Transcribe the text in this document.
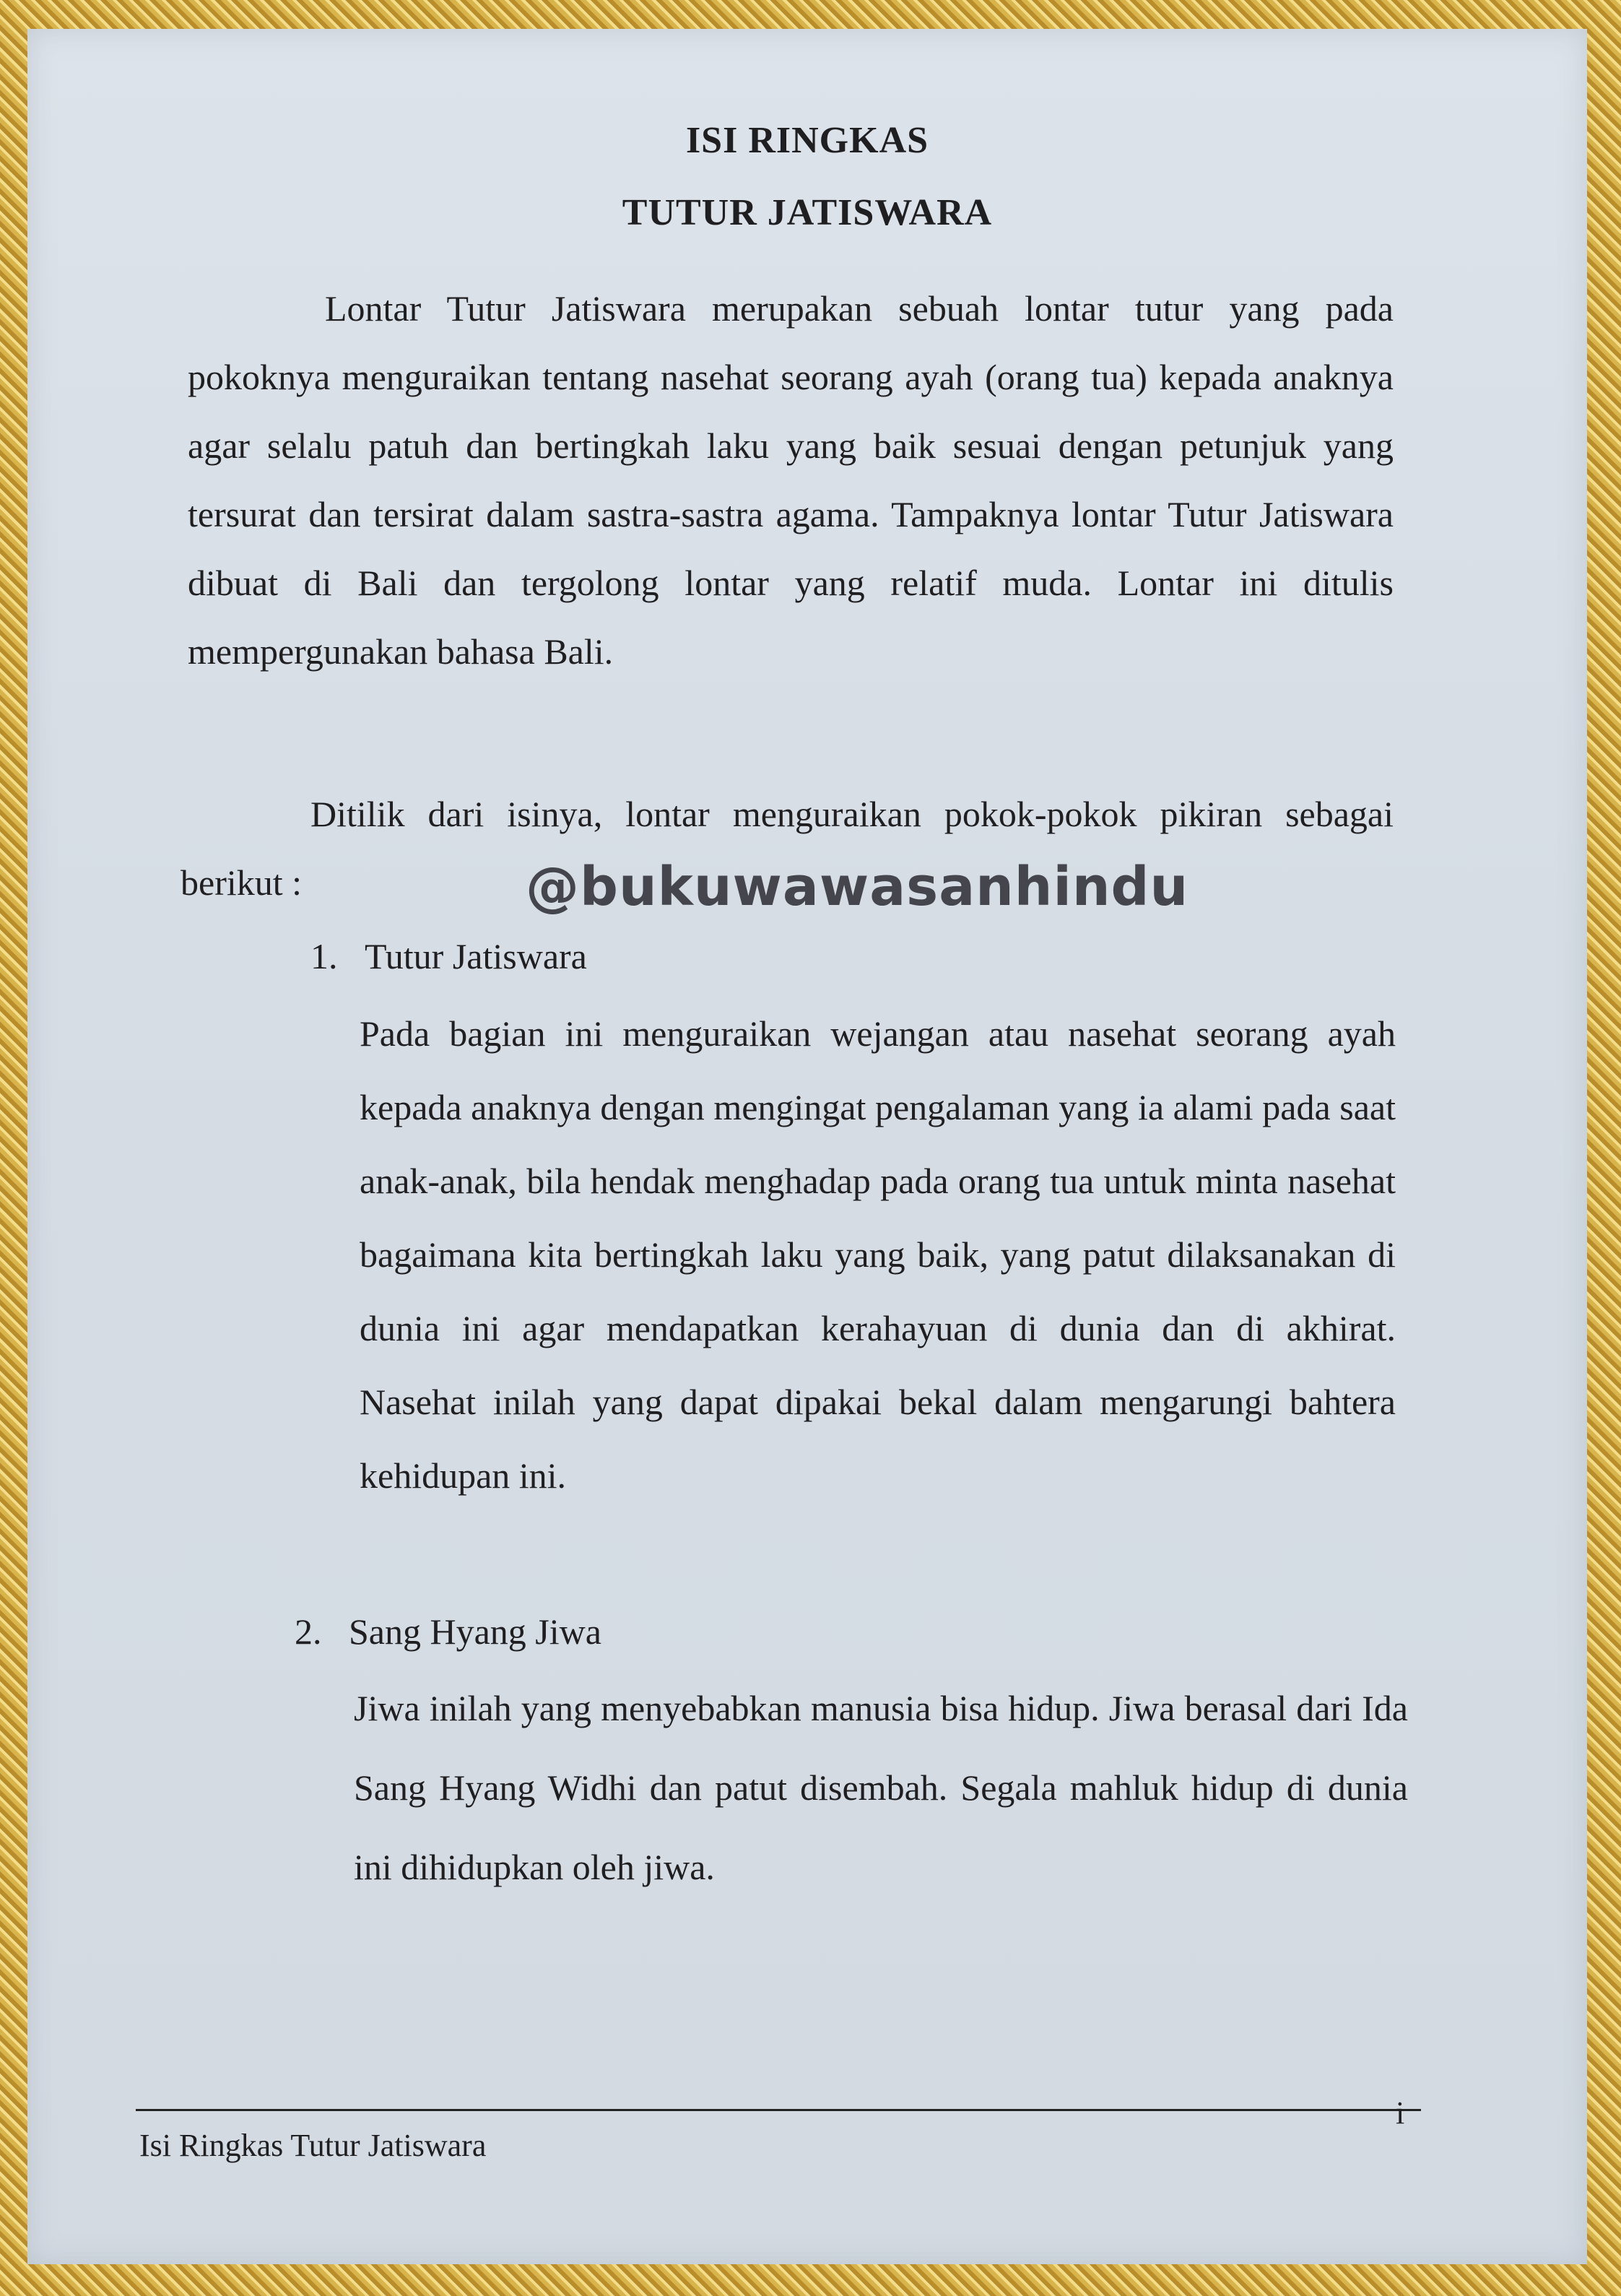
ISI RINGKAS
TUTUR JATISWARA

Lontar Tutur Jatiswara merupakan sebuah lontar tutur yang pada pokoknya menguraikan tentang nasehat seorang ayah (orang tua) kepada anaknya agar selalu patuh dan bertingkah laku yang baik sesuai dengan petunjuk yang tersurat dan tersirat dalam sastra-sastra agama. Tampaknya lontar Tutur Jatiswara dibuat di Bali dan tergolong lontar yang relatif muda. Lontar ini ditulis mempergunakan bahasa Bali.

Ditilik dari isinya, lontar menguraikan pokok-pokok pikiran sebagai berikut :	@bukuwawasanhindu
1. Tutur Jatiswara

Pada bagian ini menguraikan wejangan atau nasehat seorang ayah kepada anaknya dengan mengingat pengalaman yang ia alami pada saat anak-anak, bila hendak menghadap pada orang tua untuk minta nasehat bagaimana kita bertingkah laku yang baik, yang patut dilaksanakan di dunia ini agar mendapatkan kerahayuan di dunia dan di akhirat. Nasehat inilah yang dapat dipakai bekal dalam mengarungi bahtera kehidupan ini.

2. Sang Hyang Jiwa

Jiwa inilah yang menyebabkan manusia bisa hidup. Jiwa berasal dari Ida Sang Hyang Widhi dan patut disembah. Segala mahluk hidup di dunia ini dihidupkan oleh jiwa.

Isi Ringkas Tutur Jatiswara
i
